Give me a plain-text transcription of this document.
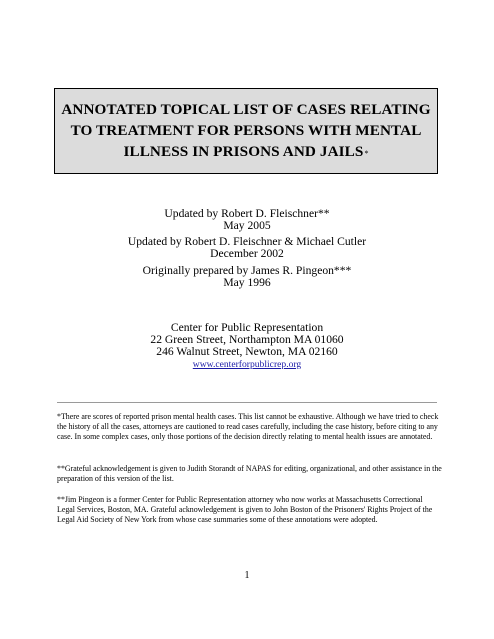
ANNOTATED TOPICAL LIST OF CASES RELATING
TO TREATMENT FOR PERSONS WITH MENTAL
ILLNESS IN PRISONS AND JAILS*
Updated by Robert D. Fleischner**
May 2005
Updated by Robert D. Fleischner & Michael Cutler
December 2002
Originally prepared by James R. Pingeon***
May 1996
Center for Public Representation
22 Green Street, Northampton MA 01060
246 Walnut Street, Newton, MA 02160
www.centerforpublicrep.org
*There are scores of reported prison mental health cases. This list cannot be exhaustive. Although we have tried to check the history of all the cases, attorneys are cautioned to read cases carefully, including the case history, before citing to any case. In some complex cases, only those portions of the decision directly relating to mental health issues are annotated.
**Grateful acknowledgement is given to Judith Storandt of NAPAS for editing, organizational, and other assistance in the preparation of this version of the list.
**Jim Pingeon is a former Center for Public Representation attorney who now works at Massachusetts Correctional Legal Services, Boston, MA. Grateful acknowledgement is given to John Boston of the Prisoners' Rights Project of the Legal Aid Society of New York from whose case summaries some of these annotations were adopted.
1
